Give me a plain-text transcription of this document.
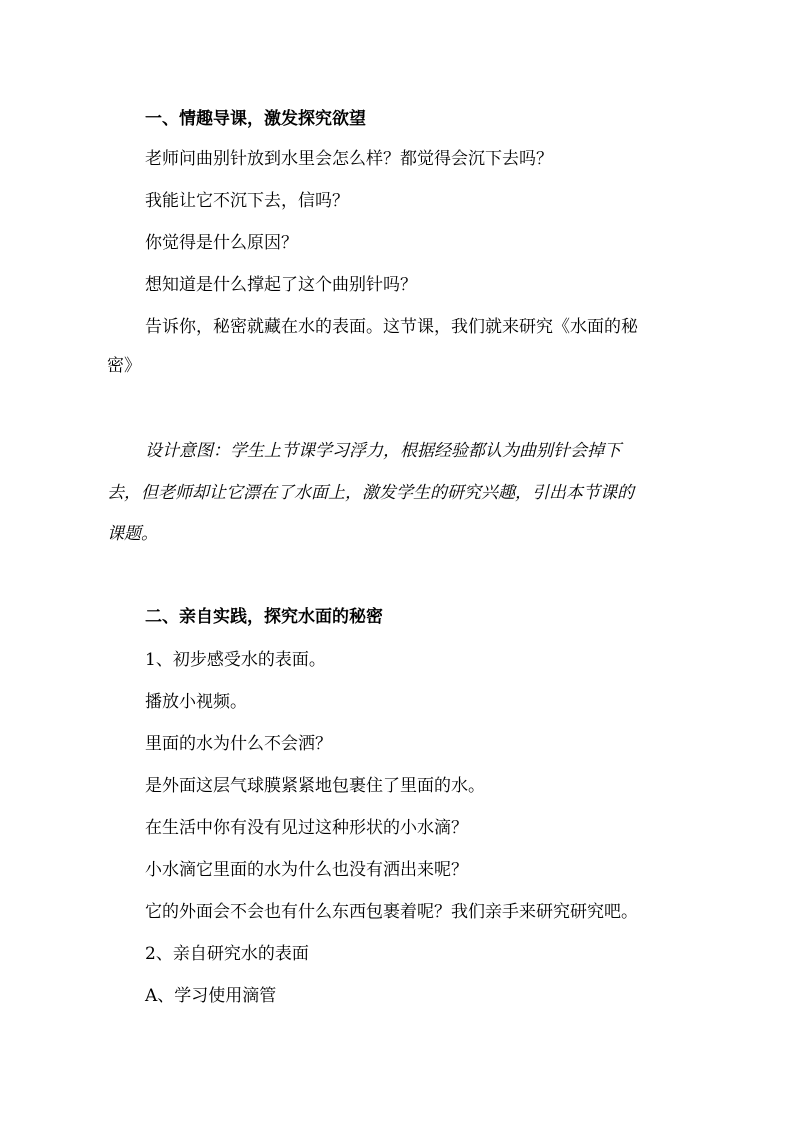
一、情趣导课，激发探究欲望
老师问曲别针放到水里会怎么样？都觉得会沉下去吗？
我能让它不沉下去，信吗？
你觉得是什么原因？
想知道是什么撑起了这个曲别针吗？
告诉你，秘密就藏在水的表面。这节课，我们就来研究《水面的秘
密》
设计意图：学生上节课学习浮力，根据经验都认为曲别针会掉下
去，但老师却让它漂在了水面上，激发学生的研究兴趣，引出本节课的
课题。
二、亲自实践，探究水面的秘密
1、初步感受水的表面。
播放小视频。
里面的水为什么不会洒？
是外面这层气球膜紧紧地包裹住了里面的水。
在生活中你有没有见过这种形状的小水滴？
小水滴它里面的水为什么也没有洒出来呢？
它的外面会不会也有什么东西包裹着呢？我们亲手来研究研究吧。
2、亲自研究水的表面
A、学习使用滴管
